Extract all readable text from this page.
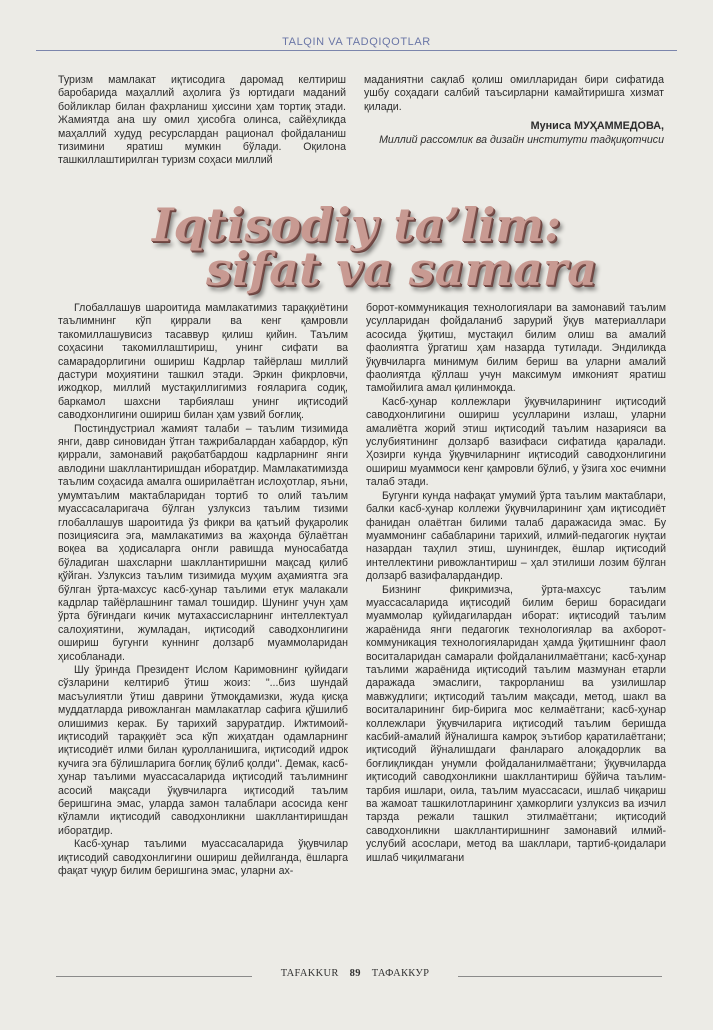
TALQIN VA TADQIQOTLAR

Туризм мамлакат иқтисодига даромад келтириш баробарида маҳаллий аҳолига ўз юртидаги маданий бойликлар билан фахрланиш ҳиссини ҳам тортиқ этади. Жамиятда ана шу омил ҳисобга олинса, сайёҳликда маҳаллий худуд ресурслардан рационал фойдаланиш тизимини яратиш мумкин бўлади. Оқилона ташкиллаштирилган туризм соҳаси миллий

маданиятни сақлаб қолиш омилларидан бири сифатида ушбу соҳадаги салбий таъсирларни камайтиришга хизмат қилади.

Муниса МУҲАММЕДОВА,
Миллий рассомлик ва дизайн институти тадқиқотчиси
Iqtisodiy ta’lim:
sifat va samara

Глобаллашув шароитида мамлакатимиз тараққиётини таълимнинг кўп қиррали ва кенг қамровли такомиллашувисиз тасаввур қилиш қийин. Таълим соҳасини такомиллаштириш, унинг сифати ва самарадорлигини ошириш Кадрлар тайёрлаш миллий дастури моҳиятини ташкил этади. Эркин фикрловчи, ижодкор, миллий мустақиллигимиз ғояларига содиқ, баркамол шахсни тарбиялаш унинг иқтисодий саводхонлигини ошириш билан ҳам узвий боғлиқ.

Постиндустриал жамият талаби – таълим тизимида янги, давр синовидан ўтган тажрибалардан хабардор, кўп қиррали, замонавий рақобатбардош кадрларнинг янги авлодини шакллантиришдан иборатдир. Мамлакатимизда таълим соҳасида амалга оширилаётган ислоҳотлар, яъни, умумтаълим мактабларидан тортиб то олий таълим муассасаларигача бўлган узлуксиз таълим тизими глобаллашув шароитида ўз фикри ва қатъий фуқаролик позициясига эга, мамлакатимиз ва жаҳонда бўлаётган воқеа ва ҳодисаларга онгли равишда муносабатда бўладиган шахсларни шакллантиришни мақсад қилиб қўйган. Узлуксиз таълим тизимида муҳим аҳамиятга эга бўлган ўрта-махсус касб-ҳунар таълими етук малакали кадрлар тайёрлашнинг тамал тошидир. Шунинг учун ҳам ўрта бўғиндаги кичик мутахассисларнинг интеллектуал салоҳиятини, жумладан, иқтисодий саводхонлигини ошириш бугунги куннинг долзарб муаммоларидан ҳисобланади.

Шу ўринда Президент Ислом Каримовнинг қуйидаги сўзларини келтириб ўтиш жоиз: "...биз шундай масъулиятли ўтиш даврини ўтмоқдамизки, жуда қисқа муддатларда ривожланган мамлакатлар сафига қўшилиб олишимиз керак. Бу тарихий заруратдир. Ижтимоий-иқтисодий тараққиёт эса кўп жиҳатдан одамларнинг иқтисодиёт илми билан қуролланишига, иқтисодий идрок кучига эга бўлишларига боғлиқ бўлиб қолди". Демак, касб-ҳунар таълими муассасаларида иқтисодий таълимнинг асосий мақсади ўқувчиларга иқтисодий таълим беришгина эмас, уларда замон талаблари асосида кенг кўламли иқтисодий саводхонликни шакллантиришдан иборатдир.

Касб-ҳунар таълими муассасаларида ўқувчилар иқтисодий саводхонлигини ошириш дейилганда, ёшларга фақат чуқур билим беришгина эмас, уларни ах-

борот-коммуникация технологиялари ва замонавий таълим усулларидан фойдаланиб зарурий ўқув материаллари асосида ўқитиш, мустақил билим олиш ва амалий фаолиятга ўргатиш ҳам назарда тутилади. Эндиликда ўқувчиларга минимум билим бериш ва уларни амалий фаолиятда қўллаш учун максимум имконият яратиш тамойилига амал қилинмоқда.

Касб-ҳунар коллежлари ўқувчиларининг иқтисодий саводхонлигини ошириш усулларини излаш, уларни амалиётга жорий этиш иқтисодий таълим назарияси ва услубиятининг долзарб вазифаси сифатида қаралади. Ҳозирги кунда ўқувчиларнинг иқтисодий саводхонлигини ошириш муаммоси кенг қамровли бўлиб, у ўзига хос ечимни талаб этади.

Бугунги кунда нафақат умумий ўрта таълим мактаблари, балки касб-ҳунар коллежи ўқувчиларининг ҳам иқтисодиёт фанидан олаётган билими талаб даражасида эмас. Бу муаммонинг сабабларини тарихий, илмий-педагогик нуқтаи назардан таҳлил этиш, шунингдек, ёшлар иқтисодий интеллектини ривожлантириш – ҳал этилиши лозим бўлган долзарб вазифалардандир.

Бизнинг фикримизча, ўрта-махсус таълим муассасаларида иқтисодий билим бериш борасидаги муаммолар қуйидагилардан иборат: иқтисодий таълим жараёнида янги педагогик технологиялар ва ахборот-коммуникация технологияларидан ҳамда ўқитишнинг фаол воситаларидан самарали фойдаланилмаётгани; касб-ҳунар таълими жараёнида иқтисодий таълим мазмунан етарли даражада эмаслиги, такрорланиш ва узилишлар мавжудлиги; иқтисодий таълим мақсади, метод, шакл ва воситаларининг бир-бирига мос келмаётгани; касб-ҳунар коллежлари ўқувчиларига иқтисодий таълим беришда касбий-амалий йўналишга камроқ эътибор қаратилаётгани; иқтисодий йўналишдаги фанларaro алоқадорлик ва боғлиқликдан унумли фойдаланилмаётгани; ўқувчиларда иқтисодий саводхонликни шакллантириш бўйича таълим-тарбия ишлари, оила, таълим муассасаси, ишлаб чиқариш ва жамоат ташкилотларининг ҳамкорлиги узлуксиз ва изчил тарзда режали ташкил этилмаётгани; иқтисодий саводхонликни шакллантиришнинг замонавий илмий-услубий асослари, метод ва шакллари, тартиб-қоидалари ишлаб чиқилмагани

TAFAKKUR 89 ТАФАККУР
